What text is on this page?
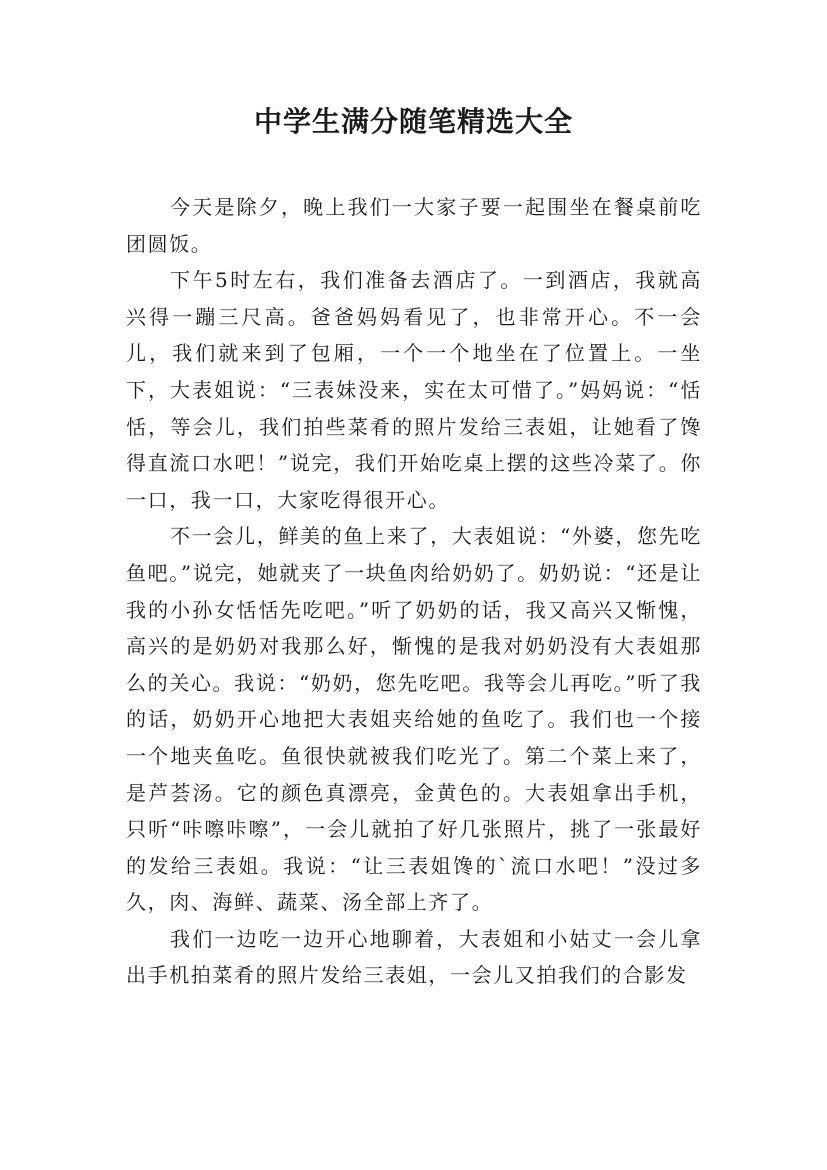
中学生满分随笔精选大全

今天是除夕，晚上我们一大家子要一起围坐在餐桌前吃团圆饭。

下午5时左右，我们准备去酒店了。一到酒店，我就高兴得一蹦三尺高。爸爸妈妈看见了，也非常开心。不一会儿，我们就来到了包厢，一个一个地坐在了位置上。一坐下，大表姐说：“三表妹没来，实在太可惜了。”妈妈说：“恬恬，等会儿，我们拍些菜肴的照片发给三表姐，让她看了馋得直流口水吧！”说完，我们开始吃桌上摆的这些冷菜了。你一口，我一口，大家吃得很开心。

不一会儿，鲜美的鱼上来了，大表姐说：“外婆，您先吃鱼吧。”说完，她就夹了一块鱼肉给奶奶了。奶奶说：“还是让我的小孙女恬恬先吃吧。”听了奶奶的话，我又高兴又惭愧，高兴的是奶奶对我那么好，惭愧的是我对奶奶没有大表姐那么的关心。我说：“奶奶，您先吃吧。我等会儿再吃。”听了我的话，奶奶开心地把大表姐夹给她的鱼吃了。我们也一个接一个地夹鱼吃。鱼很快就被我们吃光了。第二个菜上来了，是芦荟汤。它的颜色真漂亮，金黄色的。大表姐拿出手机，只听“咔嚓咔嚓”，一会儿就拍了好几张照片，挑了一张最好的发给三表姐。我说：“让三表姐馋的`流口水吧！”没过多久，肉、海鲜、蔬菜、汤全部上齐了。

我们一边吃一边开心地聊着，大表姐和小姑丈一会儿拿出手机拍菜肴的照片发给三表姐，一会儿又拍我们的合影发
